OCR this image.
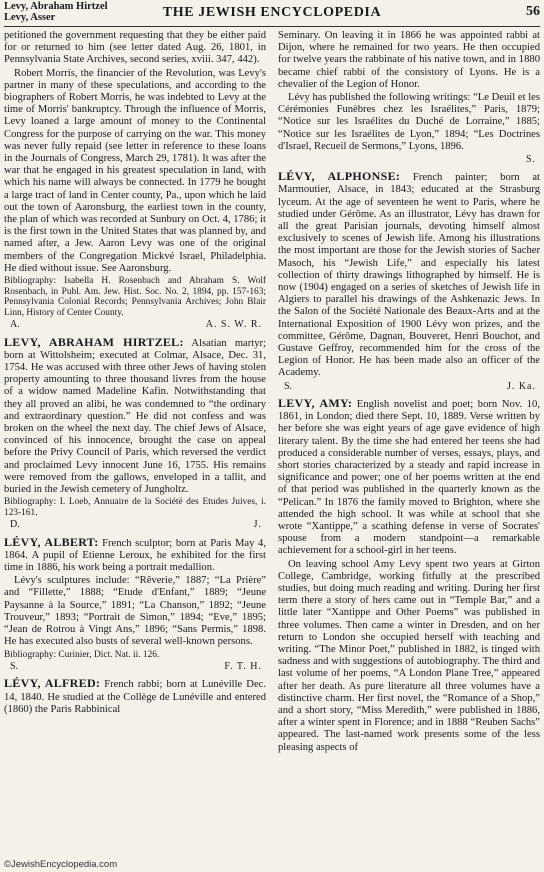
Levy, Abraham Hirtzel
Levy, Asser	THE JEWISH ENCYCLOPEDIA	56

petitioned the government requesting that they be either paid for or returned to him (see letter dated Aug. 26, 1801, in Pennsylvania State Archives, second series, xviii. 347, 442).

Robert Morris, the financier of the Revolution, was Levy's partner in many of these speculations, and according to the biographers of Robert Morris, he was indebted to Levy at the time of Morris' bankruptcy. Through the influence of Morris, Levy loaned a large amount of money to the Continental Congress for the purpose of carrying on the war. This money was never fully repaid (see letter in reference to these loans in the Journals of Congress, March 29, 1781). It was after the war that he engaged in his greatest speculation in land, with which his name will always be connected. In 1779 he bought a large tract of land in Center county, Pa., upon which he laid out the town of Aaronsburg, the earliest town in the county, the plan of which was recorded at Sunbury on Oct. 4, 1786; it is the first town in the United States that was planned by, and named after, a Jew. Aaron Levy was one of the original members of the Congregation Mickvé Israel, Philadelphia. He died without issue. See Aaronsburg.

Bibliography: Isabella H. Rosenbach and Abraham S. Wolf Rosenbach, in Publ. Am. Jew. Hist. Soc. No. 2, 1894, pp. 157-163; Pennsylvania Colonial Records; Pennsylvania Archives; John Blair Linn, History of Center County.

A.	A. S. W. R.

LEVY, ABRAHAM HIRTZEL: Alsatian martyr; born at Wittolsheim; executed at Colmar, Alsace, Dec. 31, 1754. He was accused with three other Jews of having stolen property amounting to three thousand livres from the house of a widow named Madeline Kafin. Notwithstanding that they all proved an alibi, he was condemned to “the ordinary and extraordinary question.” He did not confess and was broken on the wheel the next day. The chief Jews of Alsace, convinced of his innocence, brought the case on appeal before the Privy Council of Paris, which reversed the verdict and proclaimed Levy innocent June 16, 1755. His remains were removed from the gallows, enveloped in a tallit, and buried in the Jewish cemetery of Jungholtz.

Bibliography: I. Loeb, Annuaire de la Société des Etudes Juives, i. 123-161.

D.	J.

LÉVY, ALBERT: French sculptor; born at Paris May 4, 1864. A pupil of Etienne Leroux, he exhibited for the first time in 1886, his work being a portrait medallion.

Lévy's sculptures include: “Rêverie,” 1887; “La Prière” and “Fillette,” 1888; “Etude d'Enfant,” 1889; “Jeune Paysanne à la Source,” 1891; “La Chanson,” 1892; “Jeune Trouveur,” 1893; “Portrait de Simon,” 1894; “Eve,” 1895; “Jean de Rotrou à Vingt Ans,” 1896; “Sans Permis,” 1898. He has executed also busts of several well-known persons.

Bibliography: Curinier, Dict. Nat. ii. 126.

S.	F. T. H.

LÉVY, ALFRED: French rabbi; born at Lunéville Dec. 14, 1840. He studied at the Collège de Lunéville and entered (1860) the Paris Rabbinical

Seminary. On leaving it in 1866 he was appointed rabbi at Dijon, where he remained for two years. He then occupied for twelve years the rabbinate of his native town, and in 1880 became chief rabbi of the consistory of Lyons. He is a chevalier of the Legion of Honor.

Lévy has published the following writings: “Le Deuil et les Cérémonies Funèbres chez les Israélites,” Paris, 1879; “Notice sur les Israélites du Duché de Lorraine,” 1885; “Notice sur les Israélites de Lyon,” 1894; “Les Doctrines d'Israel, Recueil de Sermons,” Lyons, 1896.

S.

LÉVY, ALPHONSE: French painter; born at Marmoutier, Alsace, in 1843; educated at the Strasburg lyceum. At the age of seventeen he went to Paris, where he studied under Gérôme. As an illustrator, Lévy has drawn for all the great Parisian journals, devoting himself almost exclusively to scenes of Jewish life. Among his illustrations the most important are those for the Jewish stories of Sacher Masoch, his “Jewish Life,” and especially his latest collection of thirty drawings lithographed by himself. He is now (1904) engaged on a series of sketches of Jewish life in Algiers to parallel his drawings of the Ashkenazic Jews. In the Salon of the Société Nationale des Beaux-Arts and at the International Exposition of 1900 Lévy won prizes, and the committee, Gérôme, Dagnan, Bouveret, Henri Bouchot, and Gustave Geffroy, recommended him for the cross of the Legion of Honor. He has been made also an officer of the Academy.

S.	J. Ka.

LEVY, AMY: English novelist and poet; born Nov. 10, 1861, in London; died there Sept. 10, 1889. Verse written by her before she was eight years of age gave evidence of high literary talent. By the time she had entered her teens she had produced a considerable number of verses, essays, plays, and short stories characterized by a steady and rapid increase in significance and power; one of her poems written at the end of that period was published in the quarterly known as the “Pelican.” In 1876 the family moved to Brighton, where she attended the high school. It was while at school that she wrote “Xantippe,” a scathing defense in verse of Socrates' spouse from a modern standpoint—a remarkable achievement for a school-girl in her teens.

On leaving school Amy Levy spent two years at Girton College, Cambridge, working fitfully at the prescribed studies, but doing much reading and writing. During her first term there a story of hers came out in “Temple Bar,” and a little later “Xantippe and Other Poems” was published in three volumes. Then came a winter in Dresden, and on her return to London she occupied herself with teaching and writing. “The Minor Poet,” published in 1882, is tinged with sadness and with suggestions of autobiography. The third and last volume of her poems, “A London Plane Tree,” appeared after her death. As pure literature all three volumes have a distinctive charm. Her first novel, the “Romance of a Shop,” and a short story, “Miss Meredith,” were published in 1886, after a winter spent in Florence; and in 1888 “Reuben Sachs” appeared. The last-named work presents some of the less pleasing aspects of

©JewishEncyclopedia.com
